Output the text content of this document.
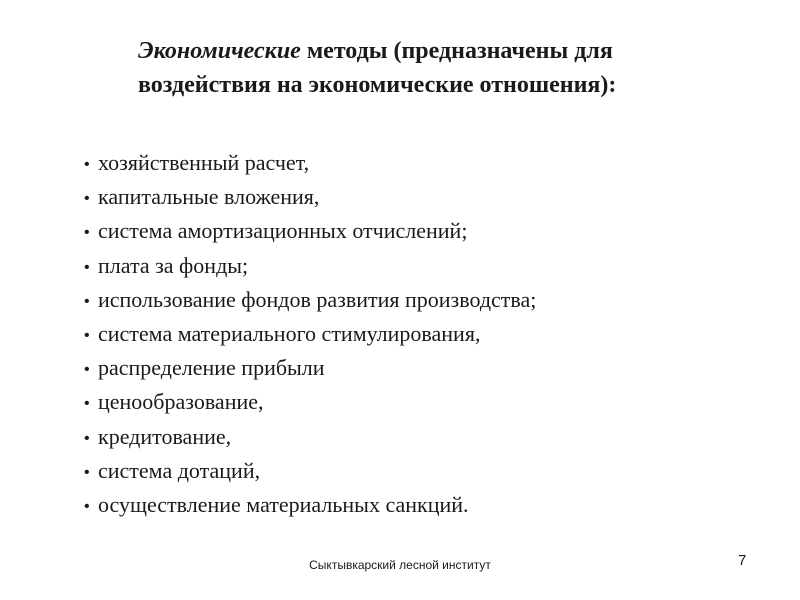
Экономические методы (предназначены для
воздействия на экономические отношения):
• хозяйственный расчет,
• капитальные вложения,
• система амортизационных отчислений;
• плата за фонды;
• использование фондов развития производства;
• система материального стимулирования,
• распределение прибыли
• ценообразование,
• кредитование,
• система дотаций,
• осуществление материальных санкций.
Сыктывкарский лесной институт	7
